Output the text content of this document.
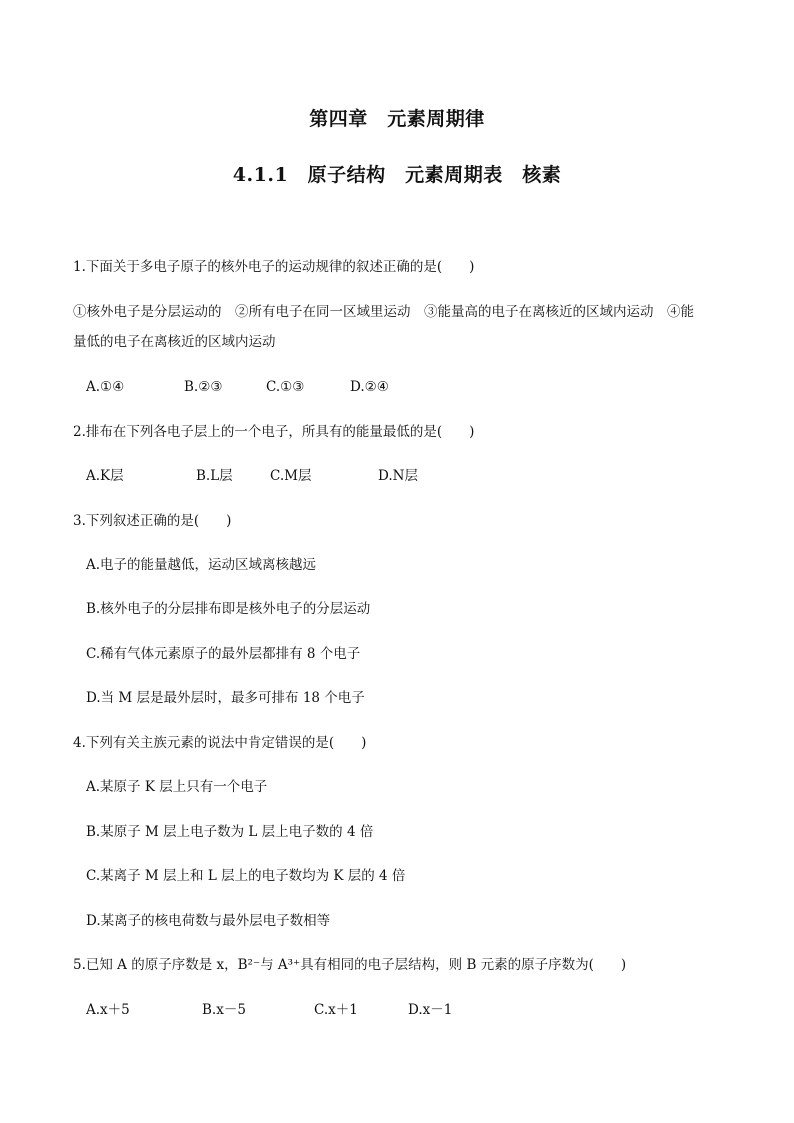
第四章　元素周期律
4.1.1　原子结构　元素周期表　核素
1.下面关于多电子原子的核外电子的运动规律的叙述正确的是(　　)
①核外电子是分层运动的　②所有电子在同一区域里运动　③能量高的电子在离核近的区域内运动　④能
量低的电子在离核近的区域内运动
A.①④	B.②③	C.①③	D.②④
2.排布在下列各电子层上的一个电子，所具有的能量最低的是(　　)
A.K层	B.L层	C.M层	D.N层
3.下列叙述正确的是(　　)
A.电子的能量越低，运动区域离核越远
B.核外电子的分层排布即是核外电子的分层运动
C.稀有气体元素原子的最外层都排有 8 个电子
D.当 M 层是最外层时，最多可排布 18 个电子
4.下列有关主族元素的说法中肯定错误的是(　　)
A.某原子 K 层上只有一个电子
B.某原子 M 层上电子数为 L 层上电子数的 4 倍
C.某离子 M 层上和 L 层上的电子数均为 K 层的 4 倍
D.某离子的核电荷数与最外层电子数相等
5.已知 A 的原子序数是 x，B²⁻与 A³⁺具有相同的电子层结构，则 B 元素的原子序数为(　　)
A.x＋5	B.x－5	C.x＋1	D.x－1
